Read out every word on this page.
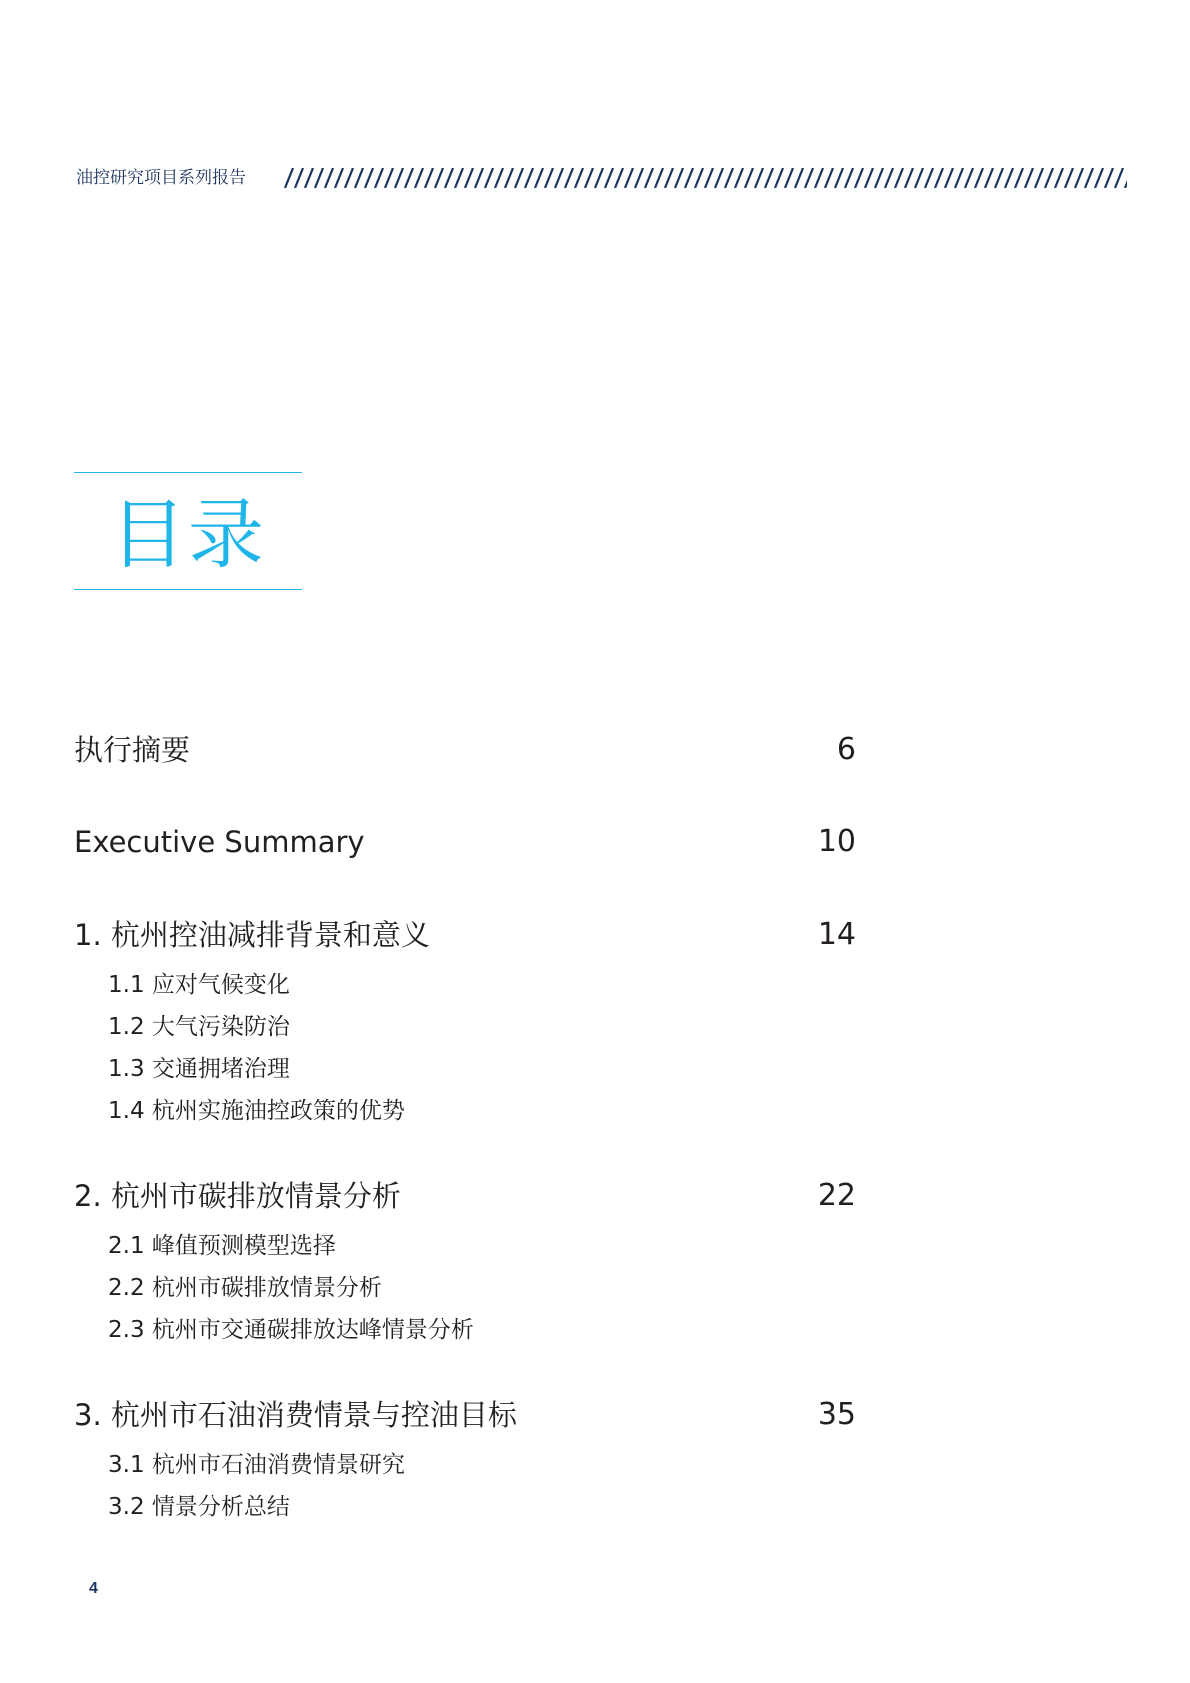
油控研究项目系列报告
目录
执行摘要	6
Executive Summary	10
1. 杭州控油减排背景和意义	14
1.1 应对气候变化
1.2 大气污染防治
1.3 交通拥堵治理
1.4 杭州实施油控政策的优势
2. 杭州市碳排放情景分析	22
2.1 峰值预测模型选择
2.2 杭州市碳排放情景分析
2.3 杭州市交通碳排放达峰情景分析
3. 杭州市石油消费情景与控油目标	35
3.1 杭州市石油消费情景研究
3.2 情景分析总结
4
